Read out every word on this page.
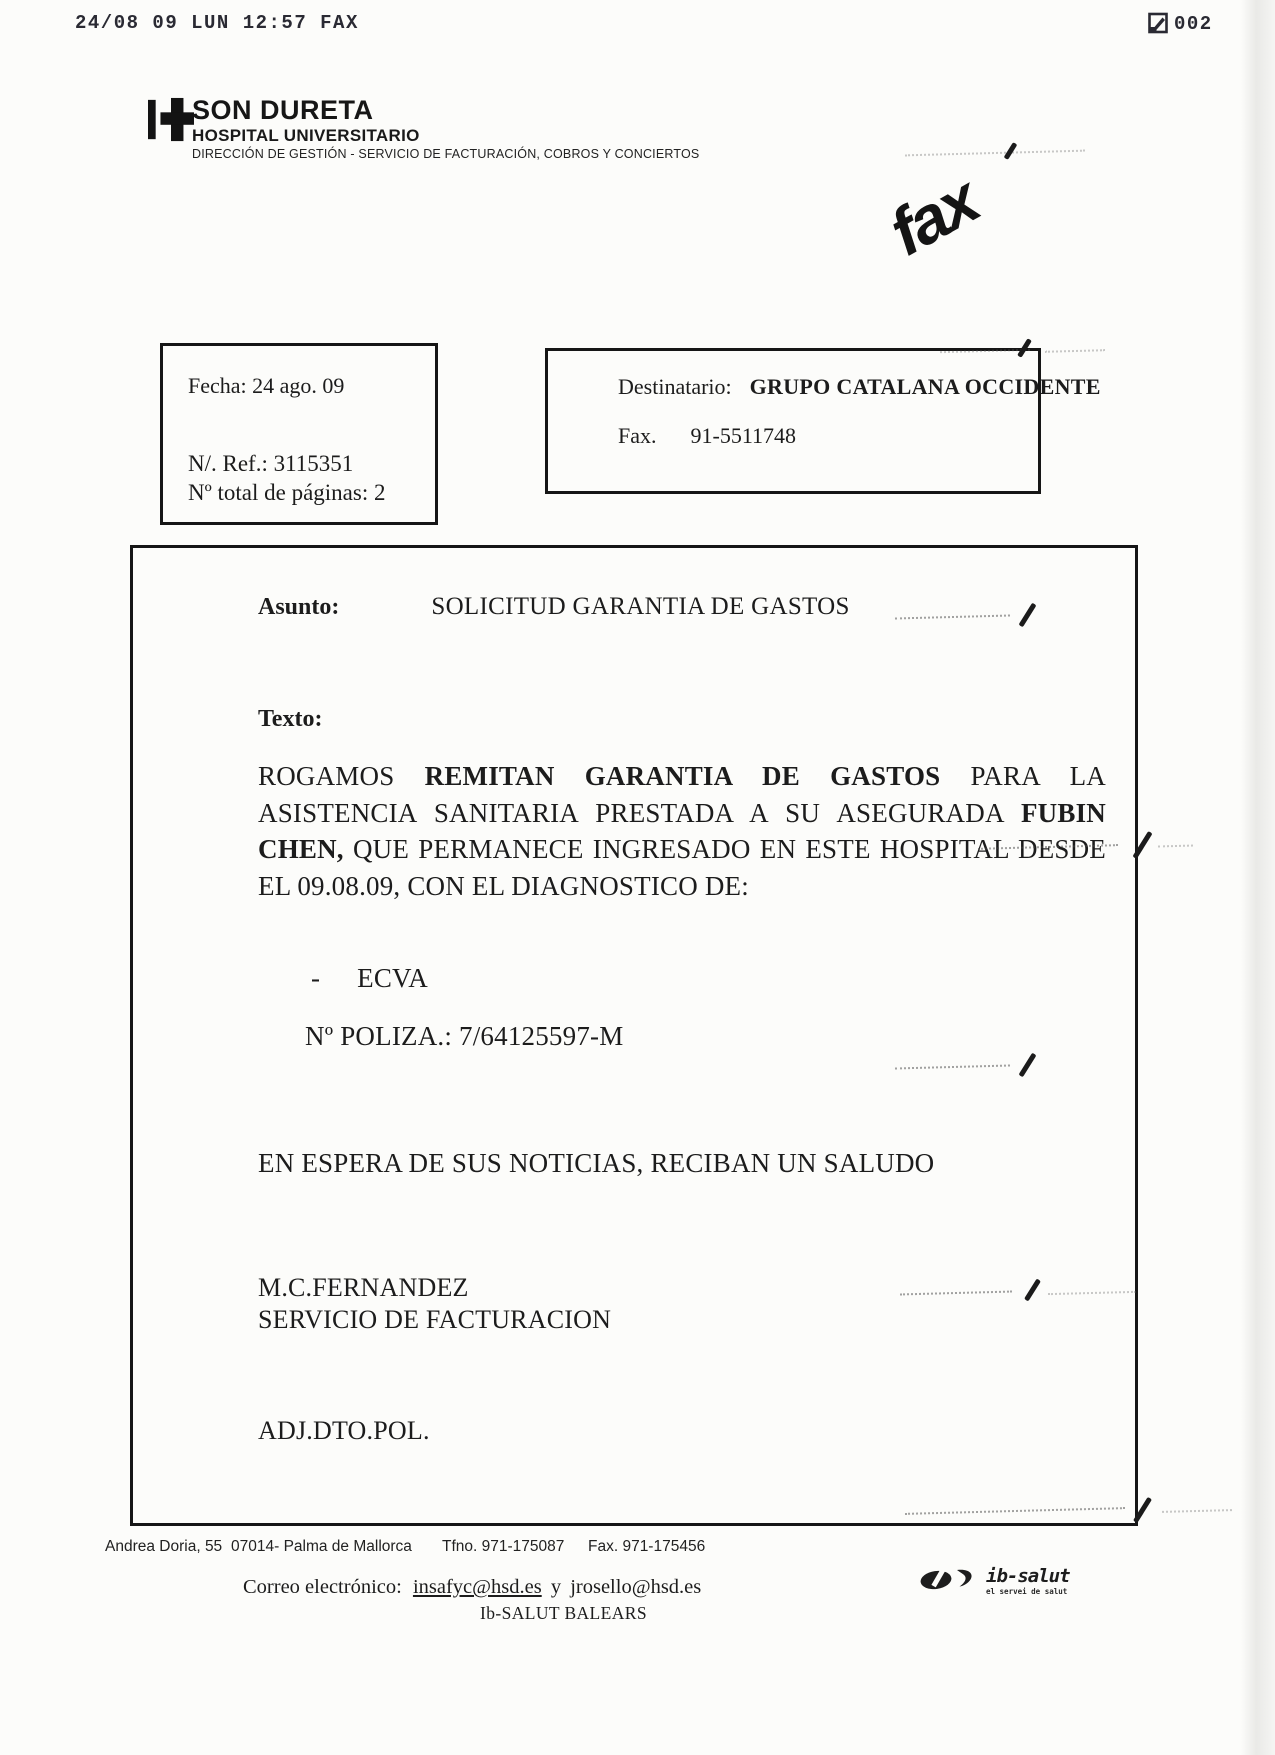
24/08 09 LUN 12:57 FAX	002
SON DURETA
HOSPITAL UNIVERSITARIO
DIRECCIÓN DE GESTIÓN - SERVICIO DE FACTURACIÓN, COBROS Y CONCIERTOS
fax
Fecha: 24 ago. 09
N/. Ref.: 3115351
Nº total de páginas: 2
Destinatario: GRUPO CATALANA OCCIDENTE
Fax. 91-5511748
Asunto:	SOLICITUD GARANTIA DE GASTOS
Texto:
ROGAMOS REMITAN GARANTIA DE GASTOS PARA LA ASISTENCIA SANITARIA PRESTADA A SU ASEGURADA FUBIN CHEN, QUE PERMANECE INGRESADO EN ESTE HOSPITAL DESDE EL 09.08.09, CON EL DIAGNOSTICO DE:
- ECVA
Nº POLIZA.: 7/64125597-M
EN ESPERA DE SUS NOTICIAS, RECIBAN UN SALUDO
M.C.FERNANDEZ
SERVICIO DE FACTURACION
ADJ.DTO.POL.
Andrea Doria, 55 07014- Palma de Mallorca Tfno. 971-175087 Fax. 971-175456
Correo electrónico: insafyc@hsd.es y jrosello@hsd.es
Ib-SALUT BALEARS
ib-salut
el servei de salut
